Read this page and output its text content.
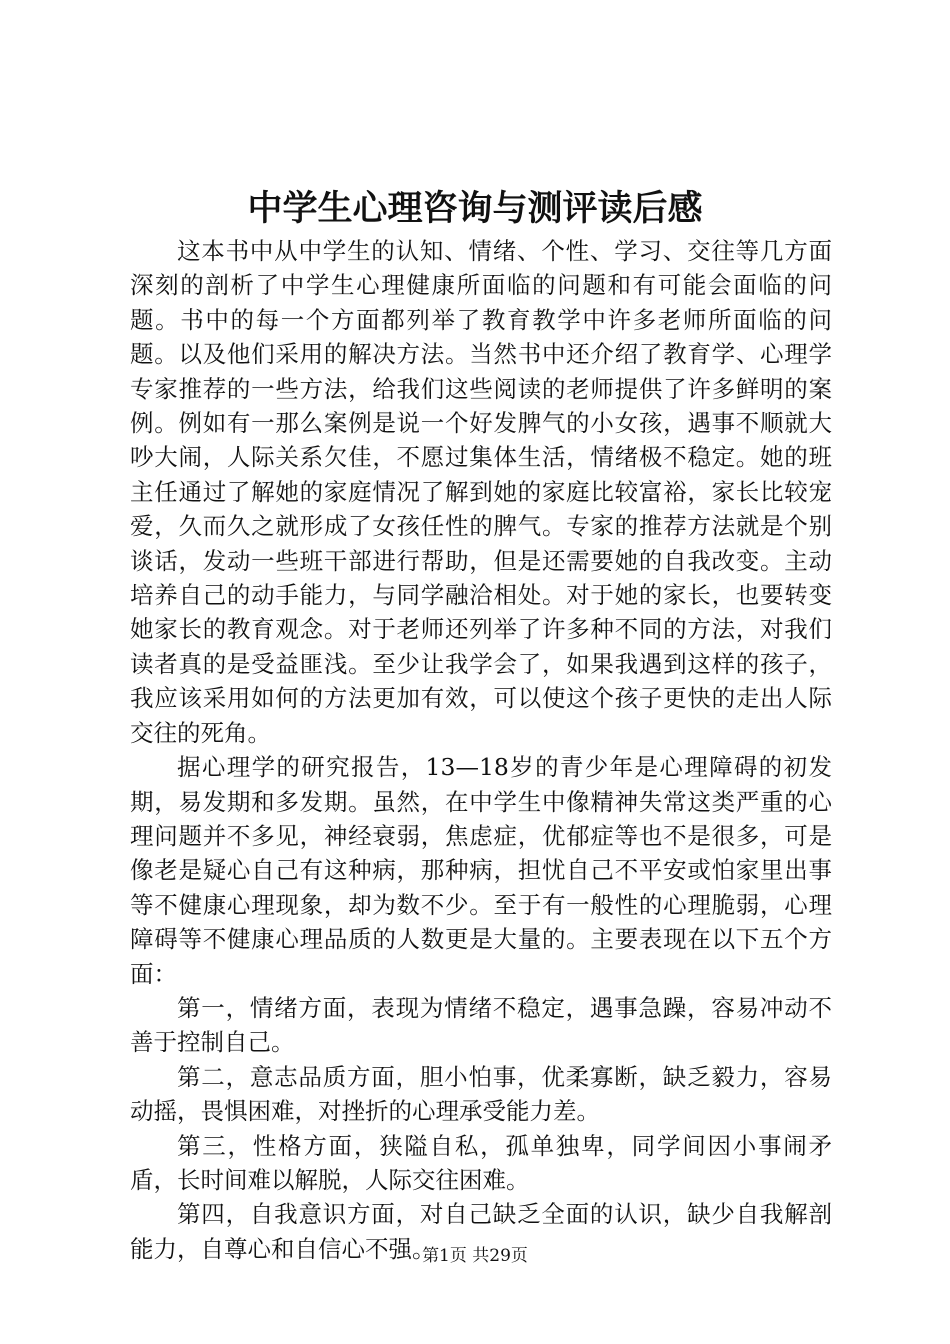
中学生心理咨询与测评读后感

这本书中从中学生的认知、情绪、个性、学习、交往等几方面深刻的剖析了中学生心理健康所面临的问题和有可能会面临的问题。书中的每一个方面都列举了教育教学中许多老师所面临的问题。以及他们采用的解决方法。当然书中还介绍了教育学、心理学专家推荐的一些方法，给我们这些阅读的老师提供了许多鲜明的案例。例如有一那么案例是说一个好发脾气的小女孩，遇事不顺就大吵大闹，人际关系欠佳，不愿过集体生活，情绪极不稳定。她的班主任通过了解她的家庭情况了解到她的家庭比较富裕，家长比较宠爱，久而久之就形成了女孩任性的脾气。专家的推荐方法就是个别谈话，发动一些班干部进行帮助，但是还需要她的自我改变。主动培养自己的动手能力，与同学融洽相处。对于她的家长，也要转变她家长的教育观念。对于老师还列举了许多种不同的方法，对我们读者真的是受益匪浅。至少让我学会了，如果我遇到这样的孩子，我应该采用如何的方法更加有效，可以使这个孩子更快的走出人际交往的死角。

据心理学的研究报告，13—18岁的青少年是心理障碍的初发期，易发期和多发期。虽然，在中学生中像精神失常这类严重的心理问题并不多见，神经衰弱，焦虑症，优郁症等也不是很多，可是像老是疑心自己有这种病，那种病，担忧自己不平安或怕家里出事等不健康心理现象，却为数不少。至于有一般性的心理脆弱，心理障碍等不健康心理品质的人数更是大量的。主要表现在以下五个方面：

第一，情绪方面，表现为情绪不稳定，遇事急躁，容易冲动不善于控制自己。

第二，意志品质方面，胆小怕事，优柔寡断，缺乏毅力，容易动摇，畏惧困难，对挫折的心理承受能力差。

第三，性格方面，狭隘自私，孤单独卑，同学间因小事闹矛盾，长时间难以解脱，人际交往困难。

第四，自我意识方面，对自己缺乏全面的认识，缺少自我解剖能力，自尊心和自信心不强。

第1页 共29页
